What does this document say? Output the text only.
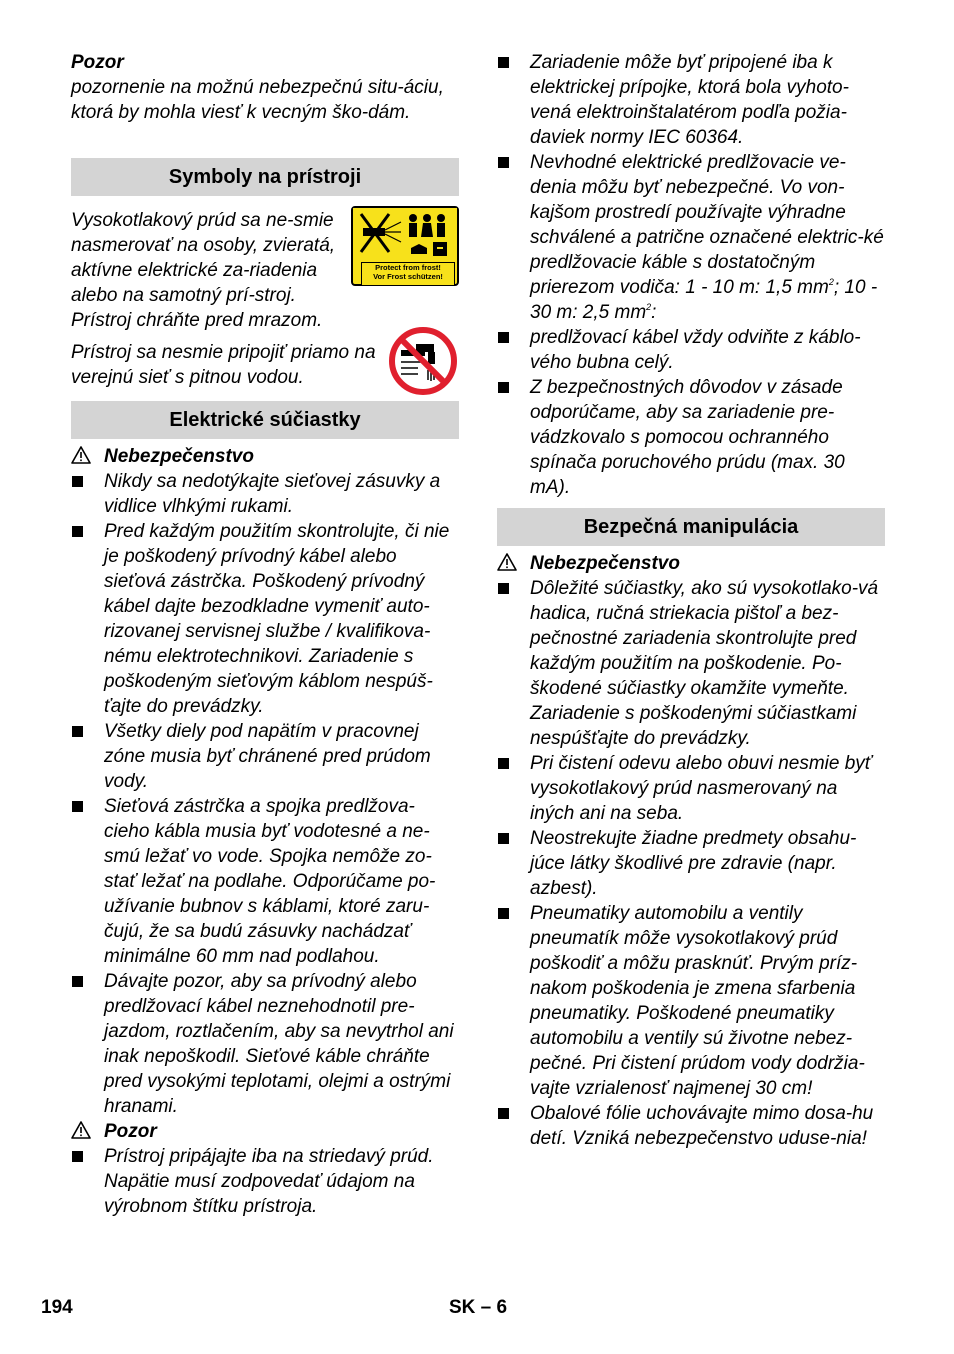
Pozor

pozornenie na možnú nebezpečnú situ-áciu, ktorá by mohla viesť k vecným ško-dám.

Symboly na prístroji

Vysokotlakový prúd sa ne-smie nasmerovať na osoby, zvieratá, aktívne elektrické za-riadenia alebo na samotný prí-stroj.

Protect from frost!
Vor Frost schützen!

Prístroj chráňte pred mrazom.

Prístroj sa nesmie pripojiť priamo na verejnú sieť s pitnou vodou.

Elektrické súčiastky
Nebezpečenstvo
Nikdy sa nedotýkajte sieťovej zásuvky a vidlice vlhkými rukami.
Pred každým použitím skontrolujte, či nie je poškodený prívodný kábel alebo sieťová zástrčka. Poškodený prívodný kábel dajte bezodkladne vymeniť auto-rizovanej servisnej službe / kvalifikova-nému elektrotechnikovi. Zariadenie s poškodeným sieťovým káblom nespúš-ťajte do prevádzky.
Všetky diely pod napätím v pracovnej zóne musia byť chránené pred prúdom vody.
Sieťová zástrčka a spojka predlžova-cieho kábla musia byť vodotesné a ne-smú ležať vo vode. Spojka nemôže zo-stať ležať na podlahe. Odporúčame po-užívanie bubnov s káblami, ktoré zaru-čujú, že sa budú zásuvky nachádzať minimálne 60 mm nad podlahou.
Dávajte pozor, aby sa prívodný alebo predlžovací kábel neznehodnotil pre-jazdom, roztlačením, aby sa nevytrhol ani inak nepoškodil. Sieťové káble chráňte pred vysokými teplotami, olejmi a ostrými hranami.
Pozor
Prístroj pripájajte iba na striedavý prúd. Napätie musí zodpovedať údajom na výrobnom štítku prístroja.
Zariadenie môže byť pripojené iba k elektrickej prípojke, ktorá bola vyhoto-vená elektroinštalatérom podľa požia-daviek normy IEC 60364.
Nevhodné elektrické predlžovacie ve-denia môžu byť nebezpečné. Vo von-kajšom prostredí používajte výhradne schválené a patrične označené elektric-ké predlžovacie káble s dostatočným prierezom vodiča: 1 - 10 m: 1,5 $mm^2$; 10 - 30 m: 2,5 $mm^2$:
predlžovací kábel vždy odviňte z káblo-vého bubna celý.
Z bezpečnostných dôvodov v zásade odporúčame, aby sa zariadenie pre-vádzkovalo s pomocou ochranného spínača poruchového prúdu (max. 30 mA).
Bezpečná manipulácia
Nebezpečenstvo
Dôležité súčiastky, ako sú vysokotlako-vá hadica, ručná striekacia pištoľ a bez-pečnostné zariadenia skontrolujte pred každým použitím na poškodenie. Po-škodené súčiastky okamžite vymeňte. Zariadenie s poškodenými súčiastkami nespúšťajte do prevádzky.
Pri čistení odevu alebo obuvi nesmie byť vysokotlakový prúd nasmerovaný na iných ani na seba.
Neostrekujte žiadne predmety obsahu-júce látky škodlivé pre zdravie (napr. azbest).
Pneumatiky automobilu a ventily pneumatík môže vysokotlakový prúd poškodiť a môžu prasknúť. Prvým príz-nakom poškodenia je zmena sfarbenia pneumatiky. Poškodené pneumatiky automobilu a ventily sú životne nebez-pečné. Pri čistení prúdom vody dodržia-vajte vzrialenosť najmenej 30 cm!
Obalové fólie uchovávajte mimo dosa-hu detí. Vzniká nebezpečenstvo uduse-nia!
194	SK – 6
